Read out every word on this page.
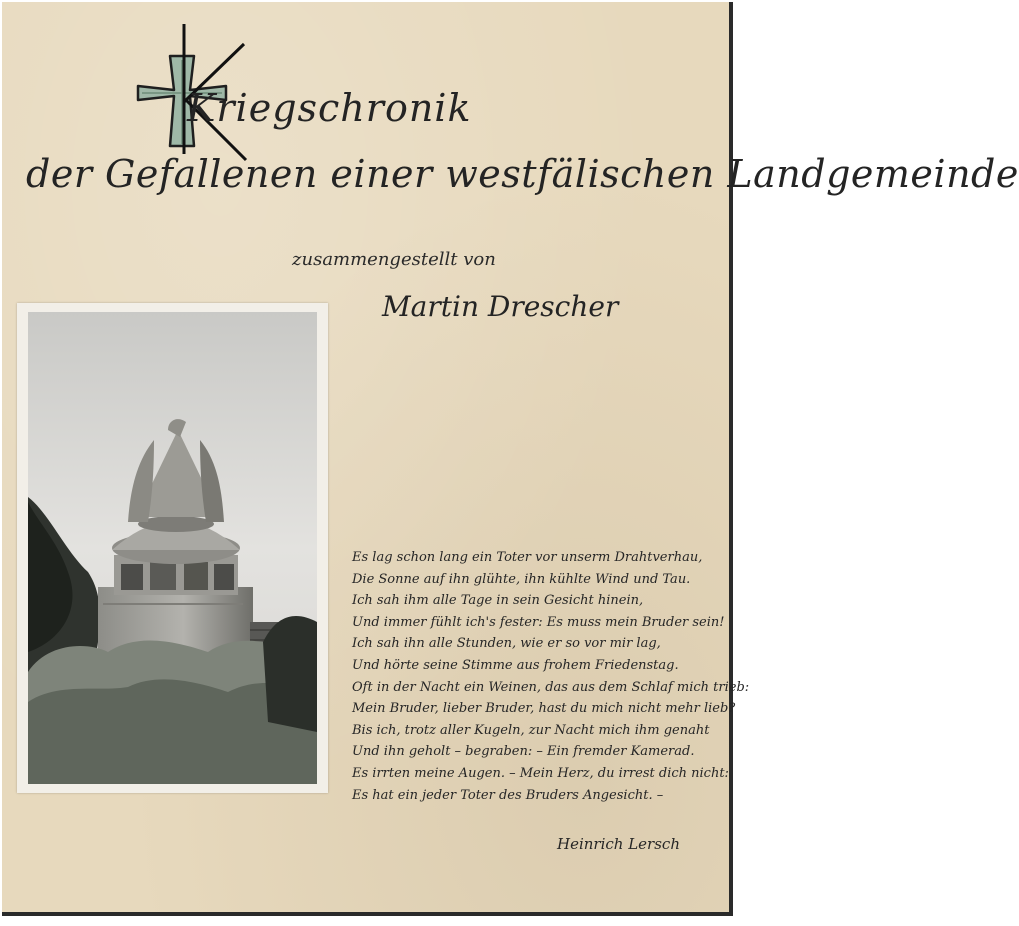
Kriegschronik
der Gefallenen einer westfälischen Landgemeinde
zusammengestellt von
Martin Drescher
Es lag schon lang ein Toter vor unserm Drahtverhau,
Die Sonne auf ihn glühte, ihn kühlte Wind und Tau.
Ich sah ihm alle Tage in sein Gesicht hinein,
Und immer fühlt ich's fester: Es muss mein Bruder sein!
Ich sah ihn alle Stunden, wie er so vor mir lag,
Und hörte seine Stimme aus frohem Friedenstag.
Oft in der Nacht ein Weinen, das aus dem Schlaf mich trieb:
Mein Bruder, lieber Bruder, hast du mich nicht mehr lieb?
Bis ich, trotz aller Kugeln, zur Nacht mich ihm genaht
Und ihn geholt – begraben: – Ein fremder Kamerad.
Es irrten meine Augen. – Mein Herz, du irrest dich nicht:
Es hat ein jeder Toter des Bruders Angesicht. –
Heinrich Lersch
